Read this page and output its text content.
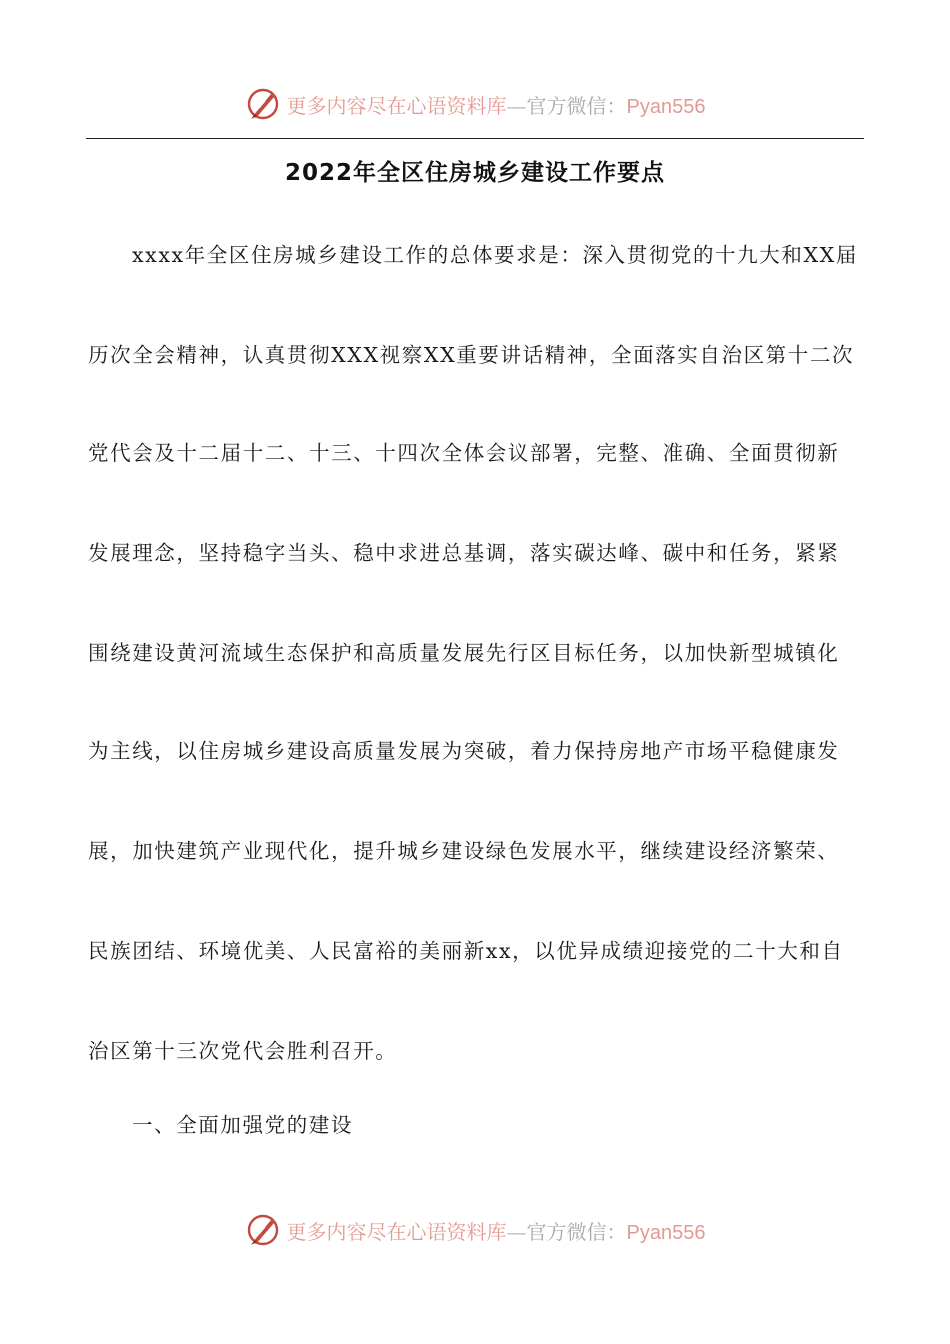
更多内容尽在心语资料库—官方微信：Pyan556
2022年全区住房城乡建设工作要点
xxxx年全区住房城乡建设工作的总体要求是：深入贯彻党的十九大和XX届
历次全会精神，认真贯彻XXX视察XX重要讲话精神，全面落实自治区第十二次
党代会及十二届十二、十三、十四次全体会议部署，完整、准确、全面贯彻新
发展理念，坚持稳字当头、稳中求进总基调，落实碳达峰、碳中和任务，紧紧
围绕建设黄河流域生态保护和高质量发展先行区目标任务，以加快新型城镇化
为主线，以住房城乡建设高质量发展为突破，着力保持房地产市场平稳健康发
展，加快建筑产业现代化，提升城乡建设绿色发展水平，继续建设经济繁荣、
民族团结、环境优美、人民富裕的美丽新xx，以优异成绩迎接党的二十大和自
治区第十三次党代会胜利召开。
一、全面加强党的建设
更多内容尽在心语资料库—官方微信：Pyan556
